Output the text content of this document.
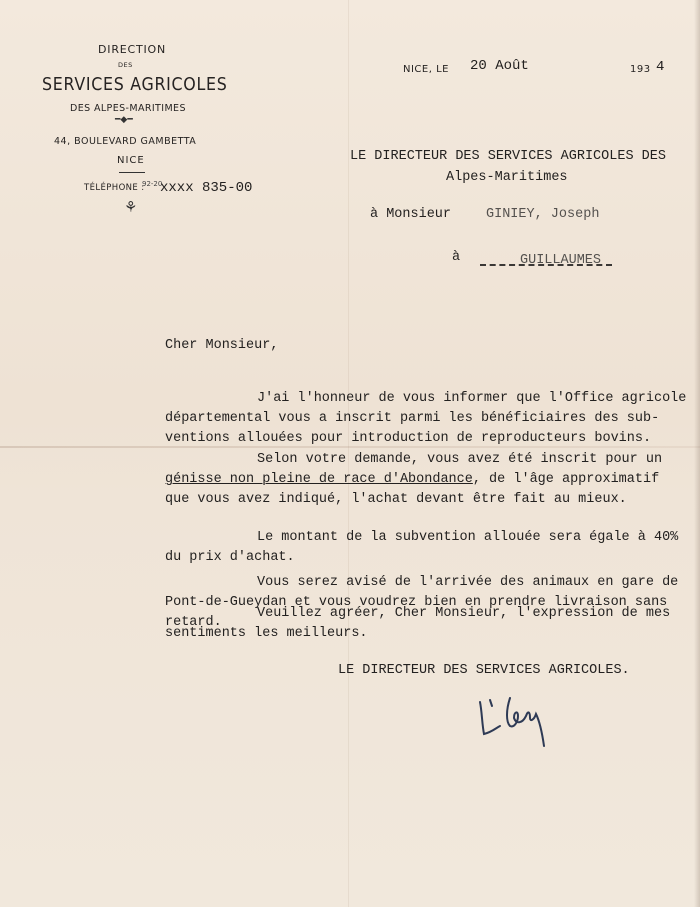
DIRECTION
DES
SERVICES AGRICOLES
DES ALPES-MARITIMES
━◆━
44, BOULEVARD GAMBETTA
NICE
TÉLÉPHONE :
92-20
xxxx 835-00
⚘
NICE, LE 20 Août	193 4
LE DIRECTEUR DES SERVICES AGRICOLES DES
Alpes-Maritimes
à Monsieur	GINIEY, Joseph
à	GUILLAUMES
Cher Monsieur,
J'ai l'honneur de vous informer que l'Office agricole
départemental vous a inscrit parmi les bénéficiaires des sub-
ventions allouées pour introduction de reproducteurs bovins.
Selon votre demande, vous avez été inscrit pour un
génisse non pleine de race d'Abondance, de l'âge approximatif
que vous avez indiqué, l'achat devant être fait au mieux.
Le montant de la subvention allouée sera égale à 40%
du prix d'achat.
Vous serez avisé de l'arrivée des animaux en gare de
Pont-de-Gueydan et vous voudrez bien en prendre livraison sans
retard.
Veuillez agréer, Cher Monsieur, l'expression de mes
sentiments les meilleurs.
LE DIRECTEUR DES SERVICES AGRICOLES.
